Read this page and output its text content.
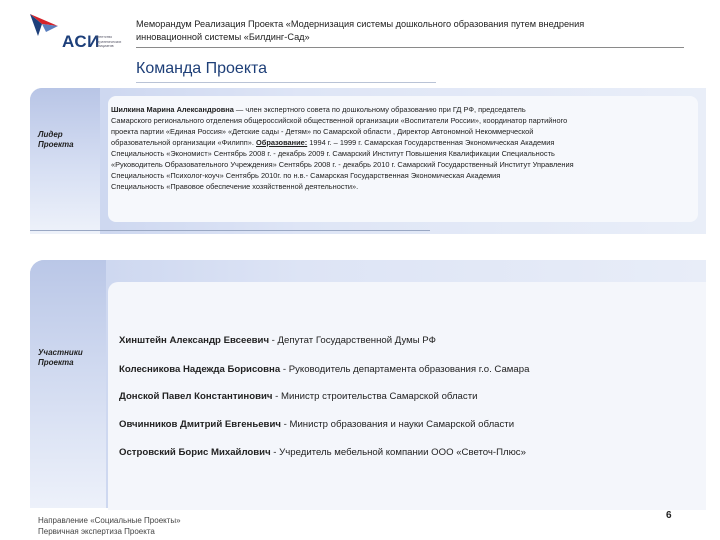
АСИ
агентство стратегических инициатив
Меморандум Реализация Проекта «Модернизация системы дошкольного образования путем внедрения
инновационной системы «Билдинг-Сад»
Команда Проекта
Лидер
Проекта
Шилкина Марина Александровна — член экспертного совета по дошкольному образованию при ГД РФ, председатель
Самарского регионального отделения общероссийской общественной организации «Воспитатели России», координатор партийного
проекта партии «Единая Россия» «Детские сады - Детям» по Самарской области , Директор Автономной Некоммерческой
образовательной организации «Филипп». Образование: 1994 г. – 1999 г. Самарская Государственная Экономическая Академия
Специальность «Экономист» Сентябрь 2008 г. - декабрь 2009 г. Самарский Институт Повышения Квалификации Специальность
«Руководитель Образовательного Учреждения» Сентябрь 2008 г. - декабрь 2010 г. Самарский Государственный Институт Управления
Специальность «Психолог-коуч» Сентябрь 2010г. по н.в.- Самарская Государственная Экономическая Академия
Специальность «Правовое обеспечение хозяйственной деятельности».
Участники
Проекта
Хинштейн Александр Евсеевич - Депутат Государственной Думы РФ
Колесникова Надежда Борисовна - Руководитель департамента образования г.о. Самара
Донской Павел Константинович - Министр строительства Самарской области
Овчинников Дмитрий Евгеньевич - Министр образования и науки Самарской области
Островский Борис Михайлович - Учредитель мебельной компании ООО «Светоч-Плюс»
Направление «Социальные Проекты»
Первичная экспертиза Проекта
6
